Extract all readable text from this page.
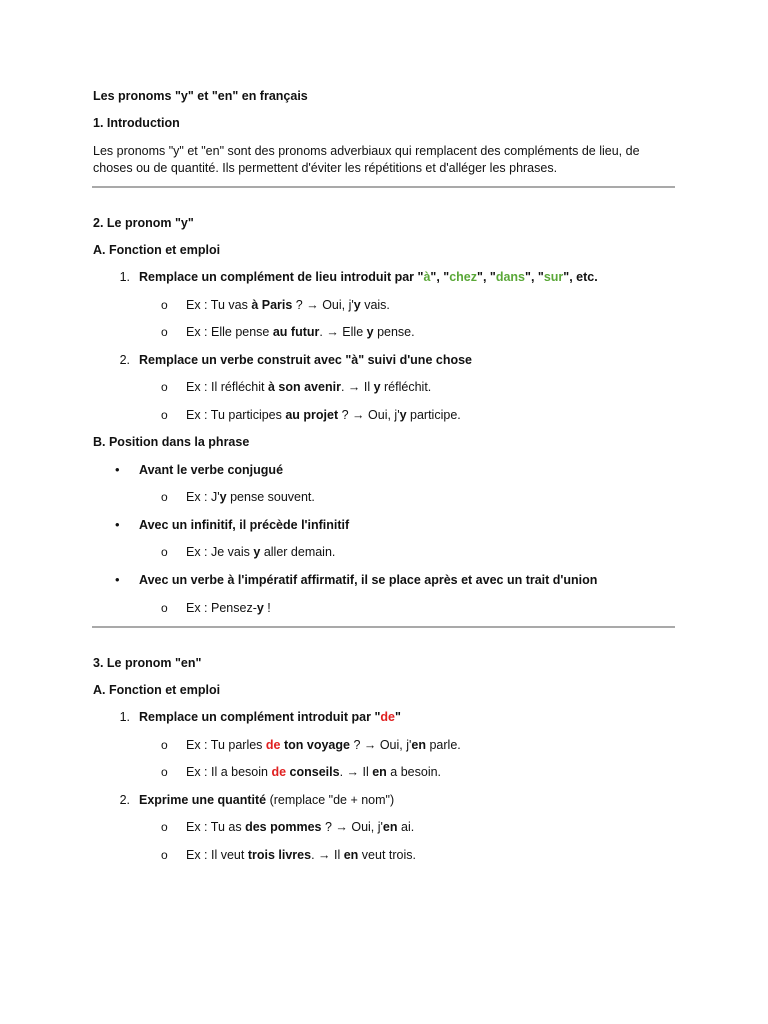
Les pronoms "y" et "en" en français
1. Introduction
Les pronoms "y" et "en" sont des pronoms adverbiaux qui remplacent des compléments de lieu, de
choses ou de quantité. Ils permettent d'éviter les répétitions et d'alléger les phrases.
2. Le pronom "y"
A. Fonction et emploi
1. Remplace un complément de lieu introduit par "à", "chez", "dans", "sur", etc.
o Ex : Tu vas à Paris ? → Oui, j'y vais.
o Ex : Elle pense au futur. → Elle y pense.
2. Remplace un verbe construit avec "à" suivi d'une chose
o Ex : Il réfléchit à son avenir. → Il y réfléchit.
o Ex : Tu participes au projet ? → Oui, j'y participe.
B. Position dans la phrase
• Avant le verbe conjugué
o Ex : J'y pense souvent.
• Avec un infinitif, il précède l'infinitif
o Ex : Je vais y aller demain.
• Avec un verbe à l'impératif affirmatif, il se place après et avec un trait d'union
o Ex : Pensez-y !
3. Le pronom "en"
A. Fonction et emploi
1. Remplace un complément introduit par "de"
o Ex : Tu parles de ton voyage ? → Oui, j'en parle.
o Ex : Il a besoin de conseils. → Il en a besoin.
2. Exprime une quantité (remplace "de + nom")
o Ex : Tu as des pommes ? → Oui, j'en ai.
o Ex : Il veut trois livres. → Il en veut trois.
